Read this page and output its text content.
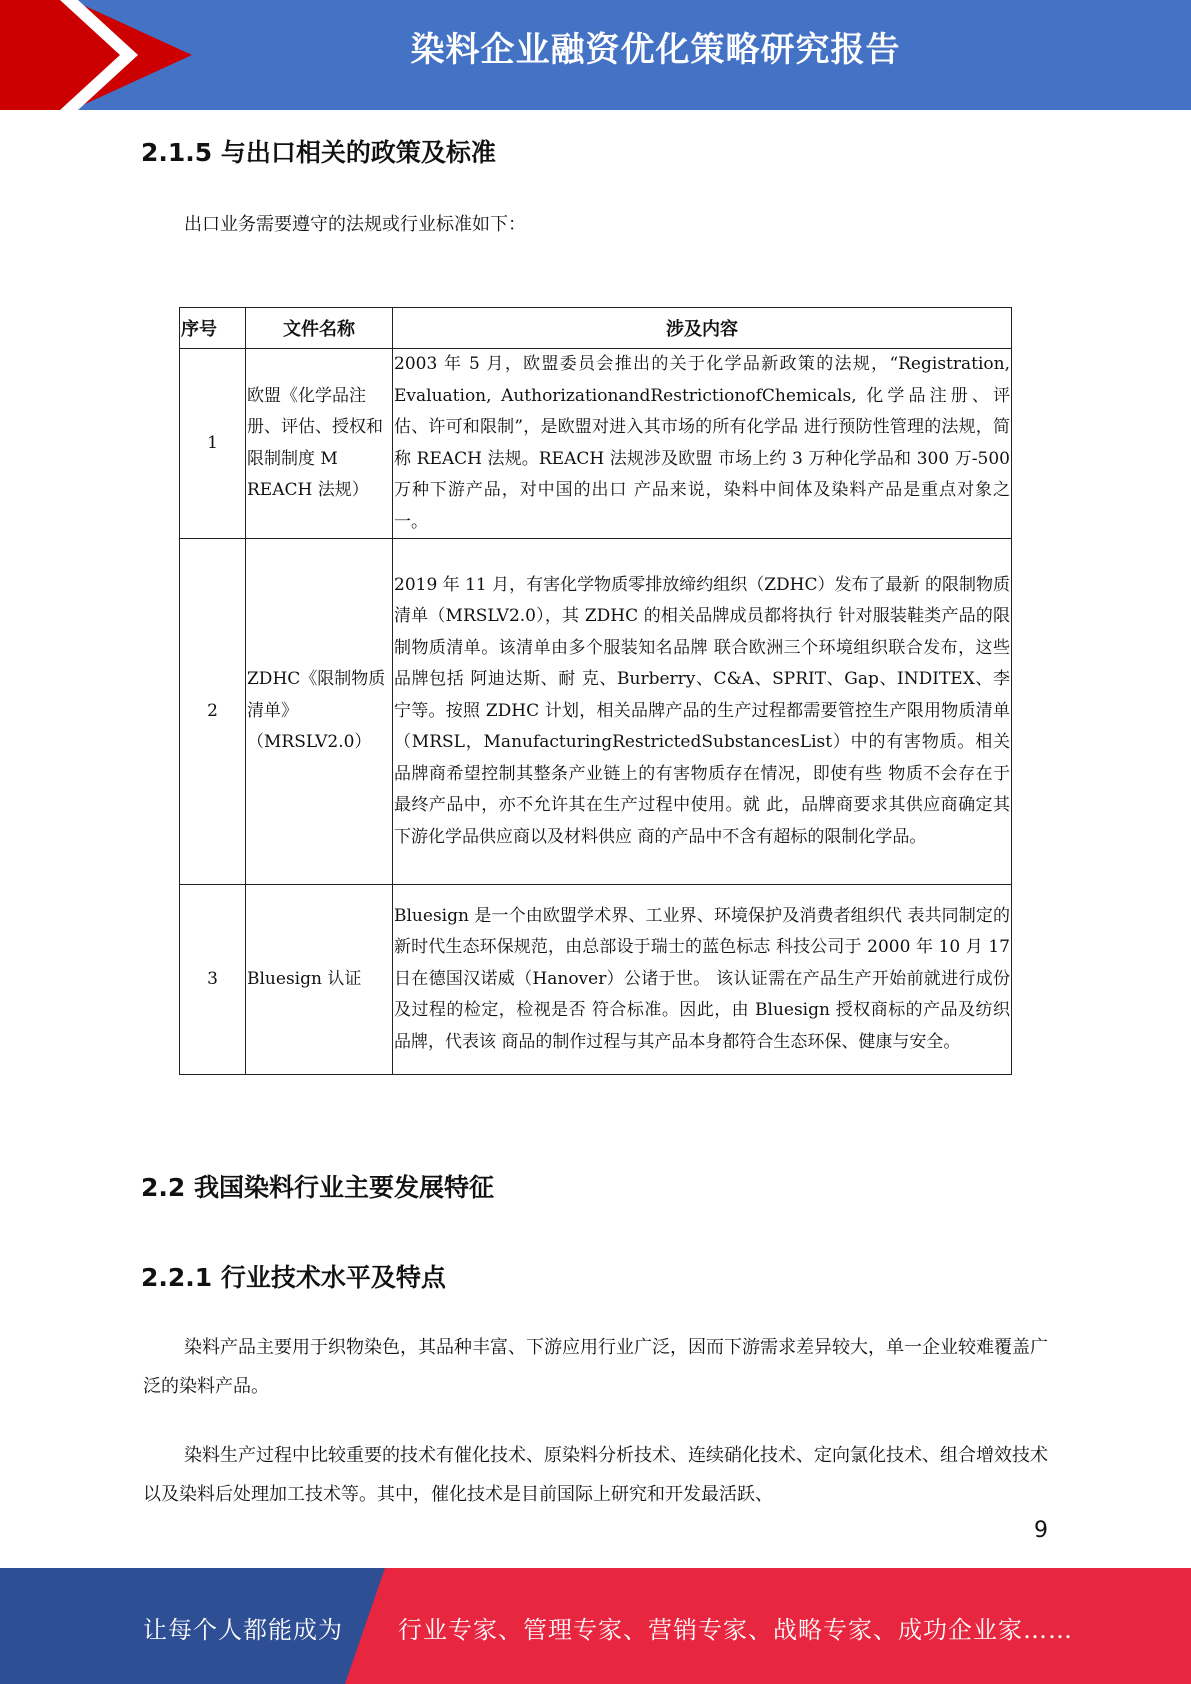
染料企业融资优化策略研究报告
2.1.5 与出口相关的政策及标准

出口业务需要遵守的法规或行业标准如下：

序号	文件名称	涉及内容
1	欧盟《化学品注册、评估、授权和限制制度 M REACH 法规）	2003 年 5 月，欧盟委员会推出的关于化学品新政策的法规，“Registration, Evaluation, AuthorizationandRestrictionofChemicals, 化学品注册、评估、许可和限制”，是欧盟对进入其市场的所有化学品 进行预防性管理的法规，简称 REACH 法规。REACH 法规涉及欧盟 市场上约 3 万种化学品和 300 万-500 万种下游产品，对中国的出口 产品来说，染料中间体及染料产品是重点对象之一。
2	ZDHC《限制物质清单》（MRSLV2.0）	2019 年 11 月，有害化学物质零排放缔约组织（ZDHC）发布了最新 的限制物质清单（MRSLV2.0），其 ZDHC 的相关品牌成员都将执行 针对服装鞋类产品的限制物质清单。该清单由多个服装知名品牌 联合欧洲三个环境组织联合发布，这些品牌包括 阿迪达斯、耐 克、Burberry、C&A、SPRIT、Gap、INDITEX、李宁等。按照 ZDHC 计划，相关品牌产品的生产过程都需要管控生产限用物质清单 （MRSL，ManufacturingRestrictedSubstancesList）中的有害物质。相关 品牌商希望控制其整条产业链上的有害物质存在情况，即使有些 物质不会存在于最终产品中，亦不允许其在生产过程中使用。就 此，品牌商要求其供应商确定其下游化学品供应商以及材料供应 商的产品中不含有超标的限制化学品。
3	Bluesign 认证	Bluesign 是一个由欧盟学术界、工业界、环境保护及消费者组织代 表共同制定的新时代生态环保规范，由总部设于瑞士的蓝色标志 科技公司于 2000 年 10 月 17 日在德国汉诺威（Hanover）公诸于世。 该认证需在产品生产开始前就进行成份及过程的检定，检视是否 符合标准。因此，由 Bluesign 授权商标的产品及纺织品牌，代表该 商品的制作过程与其产品本身都符合生态环保、健康与安全。
2.2 我国染料行业主要发展特征
2.2.1 行业技术水平及特点

染料产品主要用于织物染色，其品种丰富、下游应用行业广泛，因而下游需求差异较大，单一企业较难覆盖广泛的染料产品。

染料生产过程中比较重要的技术有催化技术、原染料分析技术、连续硝化技术、定向氯化技术、组合增效技术以及染料后处理加工技术等。其中，催化技术是目前国际上研究和开发最活跃、

9
让每个人都能成为 行业专家、管理专家、营销专家、战略专家、成功企业家……
